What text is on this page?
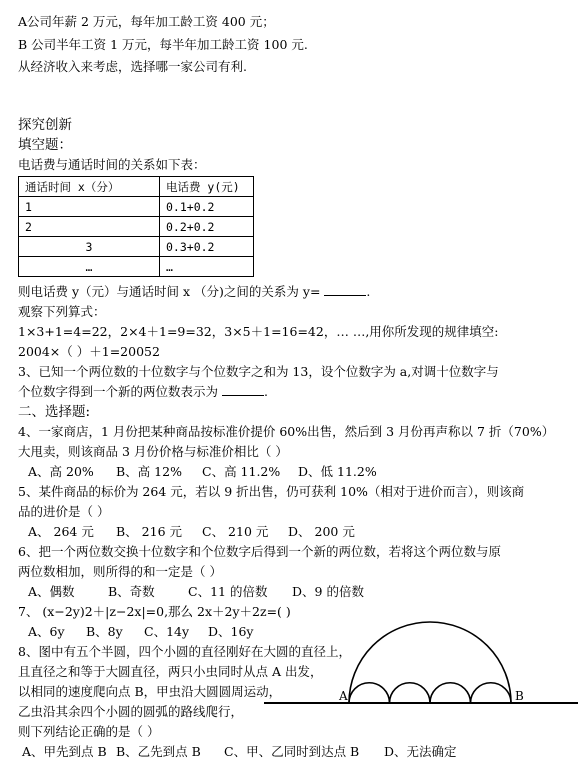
A公司年薪 2 万元，每年加工龄工资 400 元；
B 公司半年工资 1 万元，每半年加工龄工资 100 元.
从经济收入来考虑，选择哪一家公司有利.
探究创新
填空题：
电话费与通话时间的关系如下表：
通话时间 x（分）	电话费 y(元)
1	0.1+0.2
2	0.2+0.2
3	0.3+0.2
…	…
则电话费 y（元）与通话时间 x （分)之间的关系为 y=	.
观察下列算式：
1×3+1=4=22，2×4＋1=9=32，3×5＋1=16=42，… …,用你所发现的规律填空:
2004×（ ）＋1=20052
3、已知一个两位数的十位数字与个位数字之和为 13，设个位数字为 a,对调十位数字与
个位数字得到一个新的两位数表示为	.
二、选择题:
4、一家商店，1 月份把某种商品按标准价提价 60%出售，然后到 3 月份再声称以 7 折（70%）
大甩卖，则该商品 3 月份价格与标准价相比（ ）
A、高 20% B、高 12% C、高 11.2% D、低 11.2%
5、某件商品的标价为 264 元，若以 9 折出售，仍可获利 10%（相对于进价而言），则该商
品的进价是（ ）
A、 264 元 B、 216 元 C、 210 元 D、 200 元
6、把一个两位数交换十位数字和个位数字后得到一个新的两位数，若将这个两位数与原
两位数相加，则所得的和一定是（ ）
A、偶数	B、奇数	C、11 的倍数 D、9 的倍数
7、 (x−2y)2＋|z−2x|=0,那么 2x＋2y＋2z=( )
A、6y B、8y C、14y D、16y
8、图中有五个半圆，四个小圆的直径刚好在大圆的直径上，
且直径之和等于大圆直径，两只小虫同时从点 A 出发，
以相同的速度爬向点 B，甲虫沿大圆圆周运动，
乙虫沿其余四个小圆的圆弧的路线爬行，
则下列结论正确的是（ ）
A、甲先到点 B B、乙先到点 B C、甲、乙同时到达点 B D、无法确定
A	B
